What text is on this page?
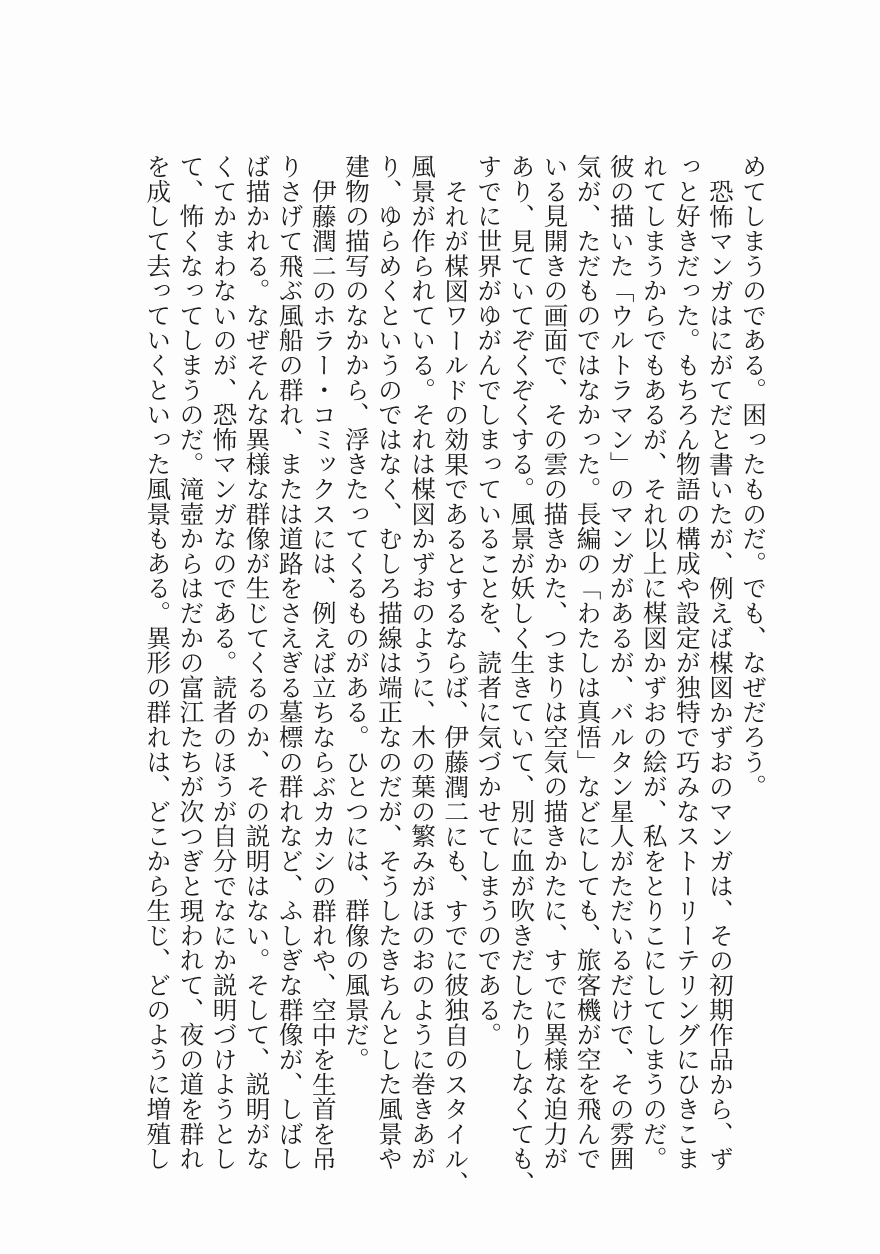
めてしまうのである。困ったものだ。でも、なぜだろう。

恐怖マンガはにがてだと書いたが、例えば楳図かずおのマンガは、その初期作品から、ず

っと好きだった。もちろん物語の構成や設定が独特で巧みなストーリーテリングにひきこま

れてしまうからでもあるが、それ以上に楳図かずおの絵が、私をとりこにしてしまうのだ。

彼の描いた「ウルトラマン」のマンガがあるが、バルタン星人がただいるだけで、その雰囲

気が、ただものではなかった。長編の「わたしは真悟」などにしても、旅客機が空を飛んで

いる見開きの画面で、その雲の描きかた、つまりは空気の描きかたに、すでに異様な迫力が

あり、見ていてぞくぞくする。風景が妖しく生きていて、別に血が吹きだしたりしなくても、

すでに世界がゆがんでしまっていることを、読者に気づかせてしまうのである。

それが楳図ワールドの効果であるとするならば、伊藤潤二にも、すでに彼独自のスタイル、

風景が作られている。それは楳図かずおのように、木の葉の繁みがほのおのように巻きあが

り、ゆらめくというのではなく、むしろ描線は端正なのだが、そうしたきちんとした風景や

建物の描写のなかから、浮きたってくるものがある。ひとつには、群像の風景だ。

伊藤潤二のホラー・コミックスには、例えば立ちならぶカカシの群れや、空中を生首を吊

りさげて飛ぶ風船の群れ、または道路をさえぎる墓標の群れなど、ふしぎな群像が、しばし

ば描かれる。なぜそんな異様な群像が生じてくるのか、その説明はない。そして、説明がな

くてかまわないのが、恐怖マンガなのである。読者のほうが自分でなにか説明づけようとし

て、怖くなってしまうのだ。滝壺からはだかの富江たちが次つぎと現われて、夜の道を群れ

を成して去っていくといった風景もある。異形の群れは、どこから生じ、どのように増殖し
